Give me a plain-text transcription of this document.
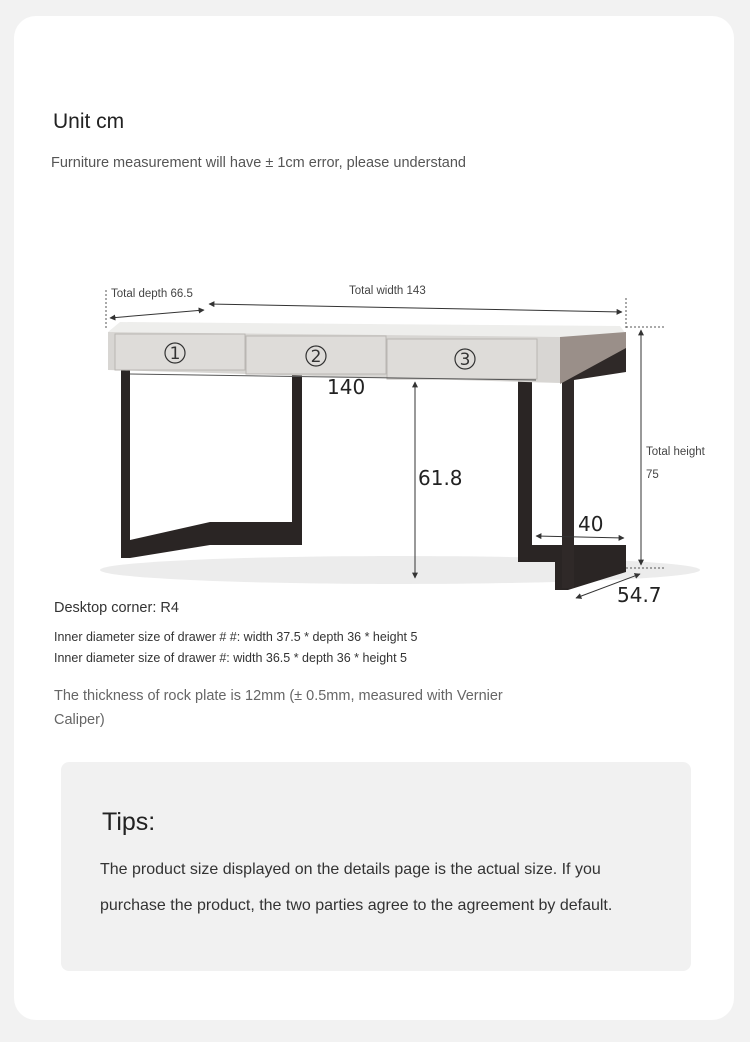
Unit cm
Furniture measurement will have ± 1cm error, please understand
1	2	3
Total depth 66.5	Total width 143
140
61.8
Total height
75
40
54.7
Desktop corner: R4
Inner diameter size of drawer # #: width 37.5 * depth 36 * height 5
Inner diameter size of drawer #: width 36.5 * depth 36 * height 5
The thickness of rock plate is 12mm (± 0.5mm, measured with Vernier Caliper)
Tips:
The product size displayed on the details page is the actual size. If you purchase the product, the two parties agree to the agreement by default.
